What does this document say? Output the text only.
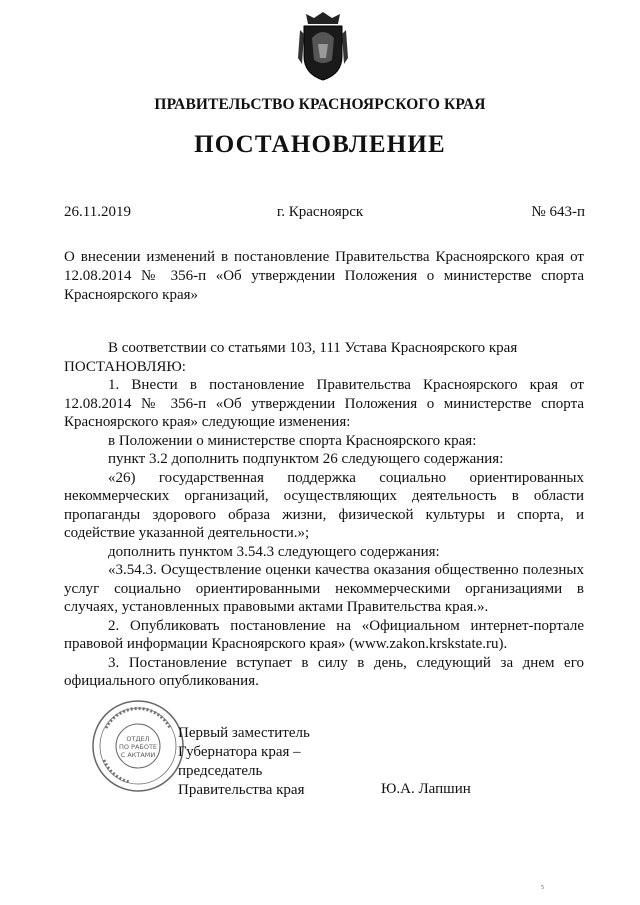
ПРАВИТЕЛЬСТВО КРАСНОЯРСКОГО КРАЯ
ПОСТАНОВЛЕНИЕ
26.11.2019	г. Красноярск	№ 643-п
О внесении изменений в постановление Правительства Красноярского края от 12.08.2014 № 356-п «Об утверждении Положения о министерстве спорта Красноярского края»

В соответствии со статьями 103, 111 Устава Красноярского края

ПОСТАНОВЛЯЮ:

1. Внести в постановление Правительства Красноярского края от 12.08.2014 № 356-п «Об утверждении Положения о министерстве спорта Красноярского края» следующие изменения:

в Положении о министерстве спорта Красноярского края:

пункт 3.2 дополнить подпунктом 26 следующего содержания:

«26) государственная поддержка социально ориентированных некоммерческих организаций, осуществляющих деятельность в области пропаганды здорового образа жизни, физической культуры и спорта, и содействие указанной деятельности.»;

дополнить пунктом 3.54.3 следующего содержания:

«3.54.3. Осуществление оценки качества оказания общественно полезных услуг социально ориентированными некоммерческими организациями в случаях, установленных правовыми актами Правительства края.».

2. Опубликовать постановление на «Официальном интернет-портале правовой информации Красноярского края» (www.zakon.krskstate.ru).

3. Постановление вступает в силу в день, следующий за днем его официального опубликования.

ОТДЕЛ
ПО РАБОТЕ
С АКТАМИ
Первый заместитель
Губернатора края –
председатель
Правительства края	Ю.А. Лапшин
5
